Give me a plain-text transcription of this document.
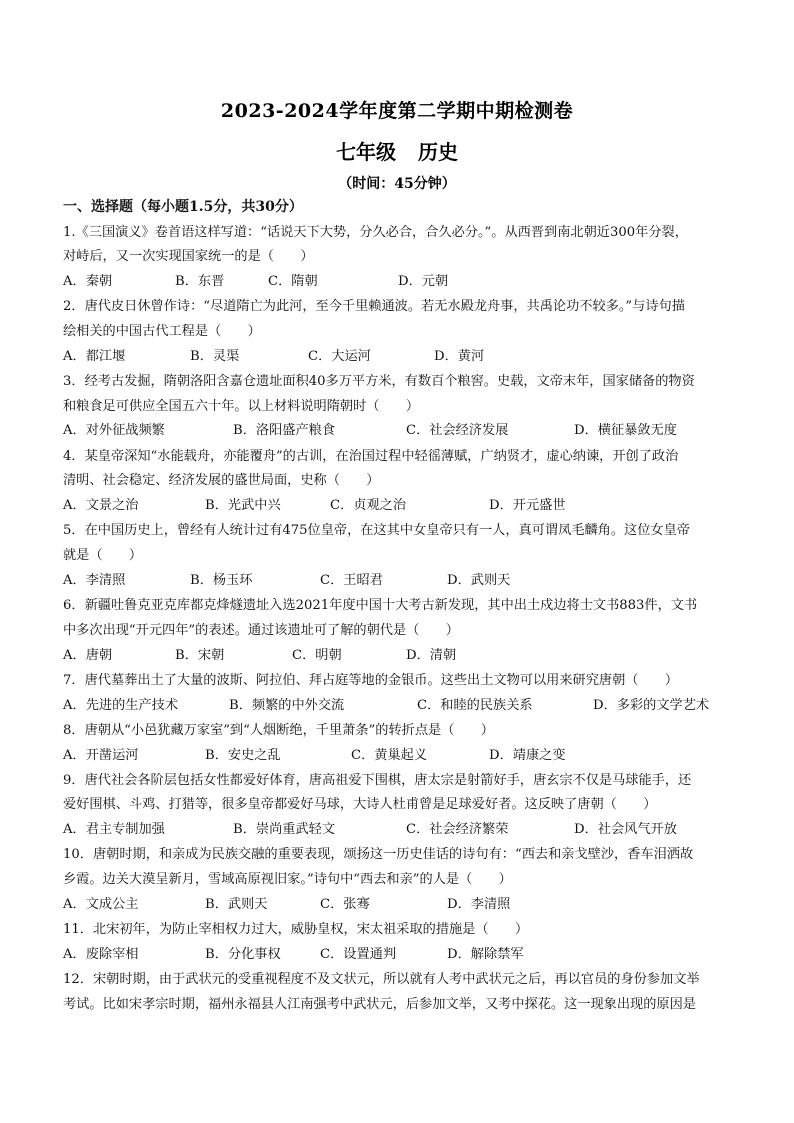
2023-2024学年度第二学期中期检测卷
七年级 历史
（时间：45分钟）
一、选择题（每小题1.5分，共30分）
1.《三国演义》卷首语这样写道：“话说天下大势，分久必合，合久必分。”。从西晋到南北朝近300年分裂，
对峙后，又一次实现国家统一的是（　　）
A．秦朝	B．东晋	C．隋朝	D．元朝
2．唐代皮日休曾作诗：“尽道隋亡为此河，至今千里赖通波。若无水殿龙舟事，共禹论功不较多。”与诗句描
绘相关的中国古代工程是（　　）
A．都江堰	B．灵渠	C．大运河	D．黄河
3．经考古发掘，隋朝洛阳含嘉仓遗址面积40多万平方米，有数百个粮窖。史载，文帝末年，国家储备的物资
和粮食足可供应全国五六十年。以上材料说明隋朝时（　　）
A．对外征战频繁	B．洛阳盛产粮食	C．社会经济发展	D．横征暴敛无度
4．某皇帝深知“水能载舟，亦能覆舟”的古训，在治国过程中轻徭薄赋，广纳贤才，虚心纳谏，开创了政治
清明、社会稳定、经济发展的盛世局面，史称（　　）
A．文景之治	B．光武中兴	C．贞观之治	D．开元盛世
5．在中国历史上，曾经有人统计过有475位皇帝，在这其中女皇帝只有一人，真可谓凤毛麟角。这位女皇帝
就是（　　）
A．李清照	B．杨玉环	C．王昭君	D．武则天
6．新疆吐鲁克亚克库都克烽燧遗址入选2021年度中国十大考古新发现，其中出土戍边将士文书883件，文书
中多次出现“开元四年”的表述。通过该遗址可了解的朝代是（　　）
A．唐朝	B．宋朝	C．明朝	D．清朝
7．唐代墓葬出土了大量的波斯、阿拉伯、拜占庭等地的金银币。这些出土文物可以用来研究唐朝（　　）
A．先进的生产技术	B．频繁的中外交流	C．和睦的民族关系	D．多彩的文学艺术
8．唐朝从“小邑犹藏万家室”到“人烟断绝，千里萧条”的转折点是（　　）
A．开凿运河	B．安史之乱	C．黄巢起义	D．靖康之变
9．唐代社会各阶层包括女性都爱好体育，唐高祖爱下围棋，唐太宗是射箭好手，唐玄宗不仅是马球能手，还
爱好围棋、斗鸡、打猎等，很多皇帝都爱好马球，大诗人杜甫曾是足球爱好者。这反映了唐朝（　　）
A．君主专制加强	B．崇尚重武轻文	C．社会经济繁荣	D．社会风气开放
10．唐朝时期，和亲成为民族交融的重要表现，颂扬这一历史佳话的诗句有：“西去和亲戈壁沙，香车泪洒故
乡霞。边关大漠呈新月，雪域高原视旧家。”诗句中“西去和亲”的人是（　　）
A．文成公主	B．武则天	C．张骞	D．李清照
11．北宋初年，为防止宰相权力过大，威胁皇权，宋太祖采取的措施是（　　）
A．废除宰相	B．分化事权	C．设置通判	D．解除禁军
12．宋朝时期，由于武状元的受重视程度不及文状元，所以就有人考中武状元之后，再以官员的身份参加文举
考试。比如宋孝宗时期，福州永福县人江南强考中武状元，后参加文举，又考中探花。这一现象出现的原因是
